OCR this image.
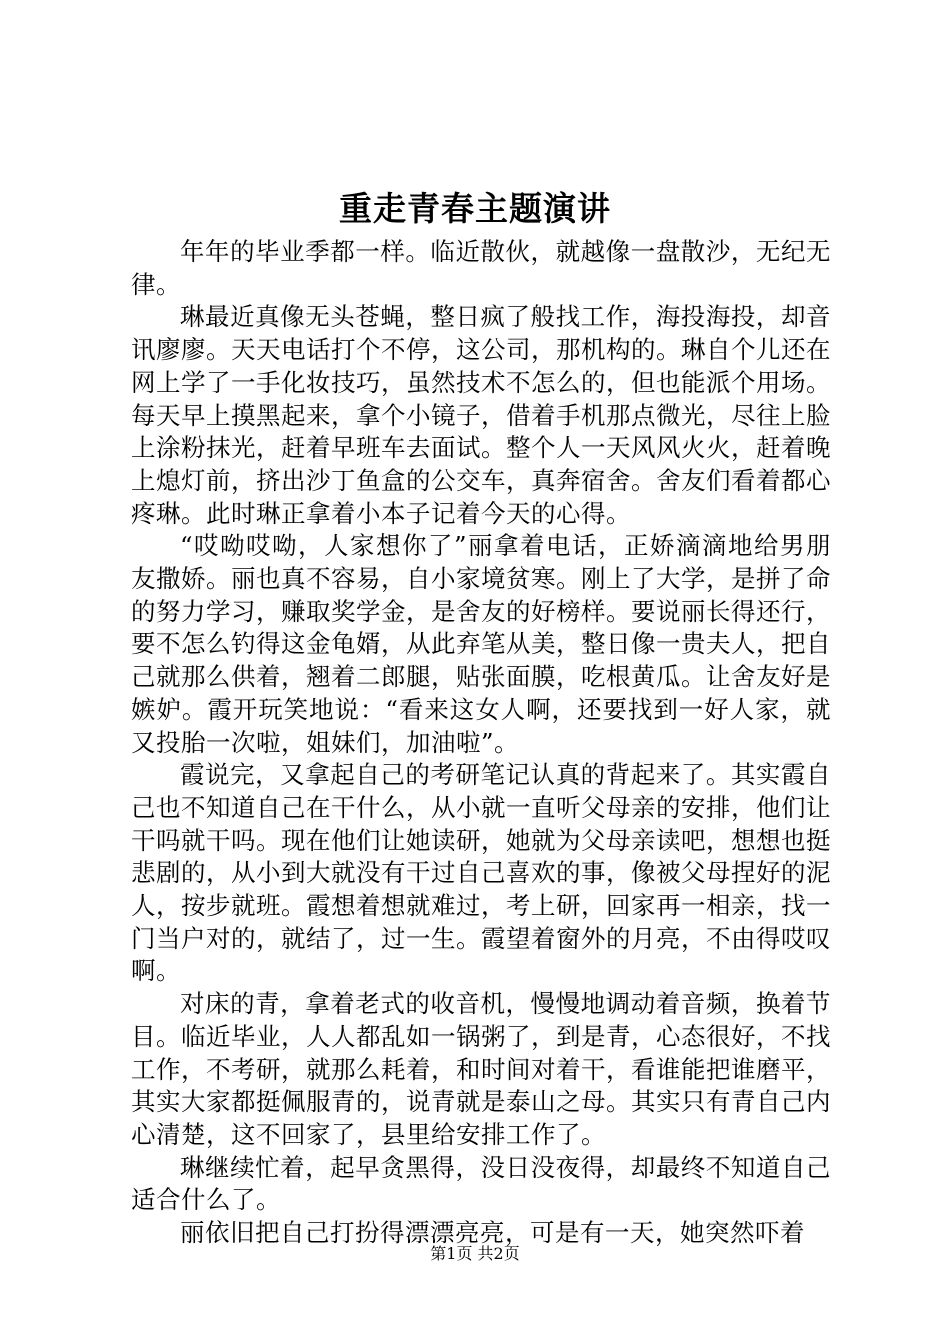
重走青春主题演讲

年年的毕业季都一样。临近散伙，就越像一盘散沙，无纪无律。

琳最近真像无头苍蝇，整日疯了般找工作，海投海投，却音讯廖廖。天天电话打个不停，这公司，那机构的。琳自个儿还在网上学了一手化妆技巧，虽然技术不怎么的，但也能派个用场。每天早上摸黑起来，拿个小镜子，借着手机那点微光，尽往上脸上涂粉抹光，赶着早班车去面试。整个人一天风风火火，赶着晚上熄灯前，挤出沙丁鱼盒的公交车，真奔宿舍。舍友们看着都心疼琳。此时琳正拿着小本子记着今天的心得。

“哎呦哎呦，人家想你了”丽拿着电话，正娇滴滴地给男朋友撒娇。丽也真不容易，自小家境贫寒。刚上了大学，是拼了命的努力学习，赚取奖学金，是舍友的好榜样。要说丽长得还行，要不怎么钓得这金龟婿，从此弃笔从美，整日像一贵夫人，把自己就那么供着，翘着二郎腿，贴张面膜，吃根黄瓜。让舍友好是嫉妒。霞开玩笑地说：“看来这女人啊，还要找到一好人家，就又投胎一次啦，姐妹们，加油啦”。

霞说完，又拿起自己的考研笔记认真的背起来了。其实霞自己也不知道自己在干什么，从小就一直听父母亲的安排，他们让干吗就干吗。现在他们让她读研，她就为父母亲读吧，想想也挺悲剧的，从小到大就没有干过自己喜欢的事，像被父母捏好的泥人，按步就班。霞想着想就难过，考上研，回家再一相亲，找一门当户对的，就结了，过一生。霞望着窗外的月亮，不由得哎叹啊。

对床的青，拿着老式的收音机，慢慢地调动着音频，换着节目。临近毕业，人人都乱如一锅粥了，到是青，心态很好，不找工作，不考研，就那么耗着，和时间对着干，看谁能把谁磨平，其实大家都挺佩服青的，说青就是泰山之母。其实只有青自己内心清楚，这不回家了，县里给安排工作了。

琳继续忙着，起早贪黑得，没日没夜得，却最终不知道自己适合什么了。

丽依旧把自己打扮得漂漂亮亮，可是有一天，她突然吓着

第1页 共2页
